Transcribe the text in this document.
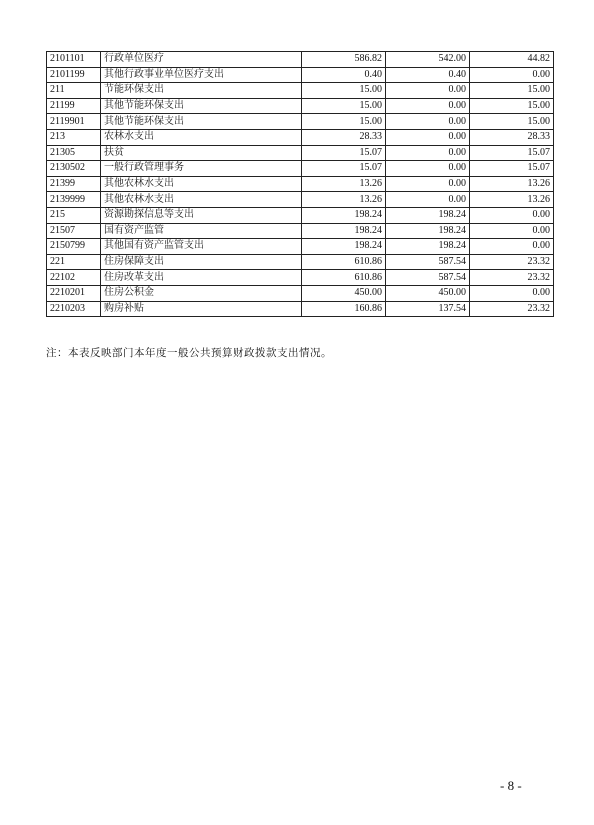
2101101	行政单位医疗	586.82	542.00	44.82
2101199	其他行政事业单位医疗支出	0.40	0.40	0.00
211	节能环保支出	15.00	0.00	15.00
21199	其他节能环保支出	15.00	0.00	15.00
2119901	其他节能环保支出	15.00	0.00	15.00
213	农林水支出	28.33	0.00	28.33
21305	扶贫	15.07	0.00	15.07
2130502	一般行政管理事务	15.07	0.00	15.07
21399	其他农林水支出	13.26	0.00	13.26
2139999	其他农林水支出	13.26	0.00	13.26
215	资源勘探信息等支出	198.24	198.24	0.00
21507	国有资产监管	198.24	198.24	0.00
2150799	其他国有资产监管支出	198.24	198.24	0.00
221	住房保障支出	610.86	587.54	23.32
22102	住房改革支出	610.86	587.54	23.32
2210201	住房公积金	450.00	450.00	0.00
2210203	购房补贴	160.86	137.54	23.32
注：本表反映部门本年度一般公共预算财政拨款支出情况。
- 8 -
